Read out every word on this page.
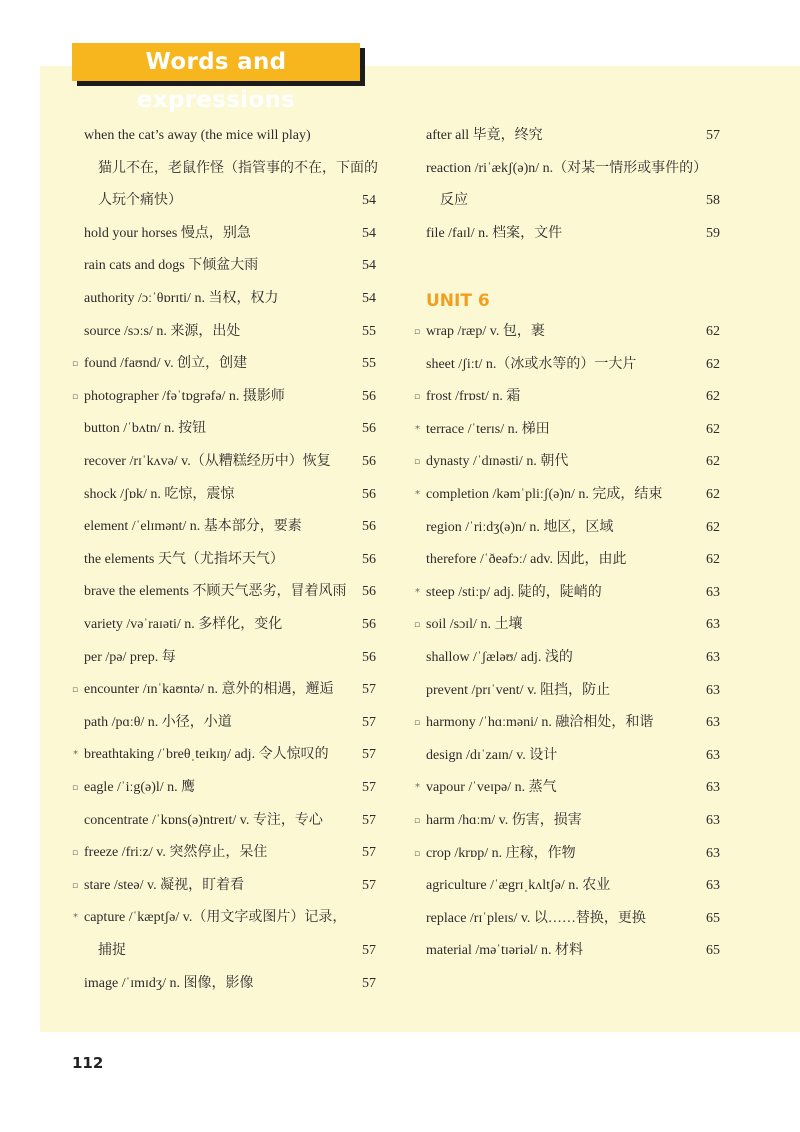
Words and expressions
when the cat’s away (the mice will play)
猫儿不在，老鼠作怪（指管事的不在，下面的
人玩个痛快）	54
hold your horses 慢点，别急	54
rain cats and dogs 下倾盆大雨	54
authority /ɔːˈθɒrɪti/ n. 当权，权力	54
source /sɔːs/ n. 来源，出处	55
▫ found /faʊnd/ v. 创立，创建	55
▫ photographer /fəˈtɒgrəfə/ n. 摄影师	56
button /ˈbʌtn/ n. 按钮	56
recover /rɪˈkʌvə/ v.（从糟糕经历中）恢复 56
shock /ʃɒk/ n. 吃惊，震惊	56
element /ˈelɪmənt/ n. 基本部分，要素	56
the elements 天气（尤指坏天气）	56
brave the elements 不顾天气恶劣，冒着风雨 56
variety /vəˈraɪəti/ n. 多样化，变化	56
per /pə/ prep. 每	56
▫ encounter /ɪnˈkaʊntə/ n. 意外的相遇，邂逅 57
path /pɑːθ/ n. 小径，小道	57
* breathtaking /ˈbreθˌteɪkɪŋ/ adj. 令人惊叹的 57
▫ eagle /ˈiːg(ə)l/ n. 鹰	57
concentrate /ˈkɒns(ə)ntreɪt/ v. 专注，专心	57
▫ freeze /friːz/ v. 突然停止，呆住	57
▫ stare /steə/ v. 凝视，盯着看	57
* capture /ˈkæptʃə/ v.（用文字或图片）记录，
捕捉	57
image /ˈɪmɪdʒ/ n. 图像，影像	57
after all 毕竟，终究	57
reaction /riˈækʃ(ə)n/ n.（对某一情形或事件的）
反应	58
file /faɪl/ n. 档案，文件	59
▫ wrap /ræp/ v. 包，裹	62
sheet /ʃiːt/ n.（冰或水等的）一大片	62
▫ frost /frɒst/ n. 霜	62
* terrace /ˈterɪs/ n. 梯田	62
▫ dynasty /ˈdɪnəsti/ n. 朝代	62
* completion /kəmˈpliːʃ(ə)n/ n. 完成，结束	62
region /ˈriːdʒ(ə)n/ n. 地区，区域	62
therefore /ˈðeəfɔː/ adv. 因此，由此	62
* steep /stiːp/ adj. 陡的，陡峭的	63
▫ soil /sɔɪl/ n. 土壤	63
shallow /ˈʃæləʊ/ adj. 浅的	63
prevent /prɪˈvent/ v. 阻挡，防止	63
▫ harmony /ˈhɑːməni/ n. 融洽相处，和谐	63
design /dɪˈzaɪn/ v. 设计	63
* vapour /ˈveɪpə/ n. 蒸气	63
▫ harm /hɑːm/ v. 伤害，损害	63
▫ crop /krɒp/ n. 庄稼，作物	63
agriculture /ˈægrɪˌkʌltʃə/ n. 农业	63
replace /rɪˈpleɪs/ v. 以……替换，更换	65
material /məˈtɪəriəl/ n. 材料	65
UNIT 6
112
